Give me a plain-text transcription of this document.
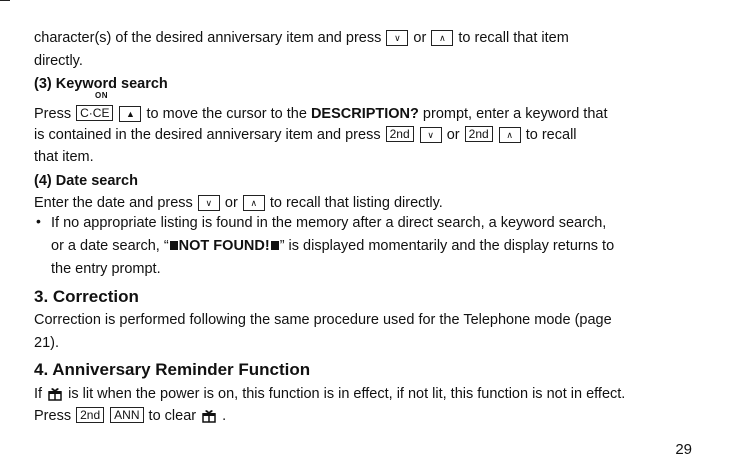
character(s) of the desired anniversary item and press ∨ or ∧ to recall that item
directly.
(3) Keyword search
ON
Press C·CE ▲ to move the cursor to the DESCRIPTION? prompt, enter a keyword that
is contained in the desired anniversary item and press 2nd ∨ or 2nd ∧ to recall
that item.
(4) Date search
Enter the date and press ∨ or ∧ to recall that listing directly.
• If no appropriate listing is found in the memory after a direct search, a keyword search,
or a date search, “ NOT FOUND! ” is displayed momentarily and the display returns to
the entry prompt.
3. Correction
Correction is performed following the same procedure used for the Telephone mode (page
21).
4. Anniversary Reminder Function
If is lit when the power is on, this function is in effect, if not lit, this function is not in effect.
Press 2nd ANN to clear .
29
